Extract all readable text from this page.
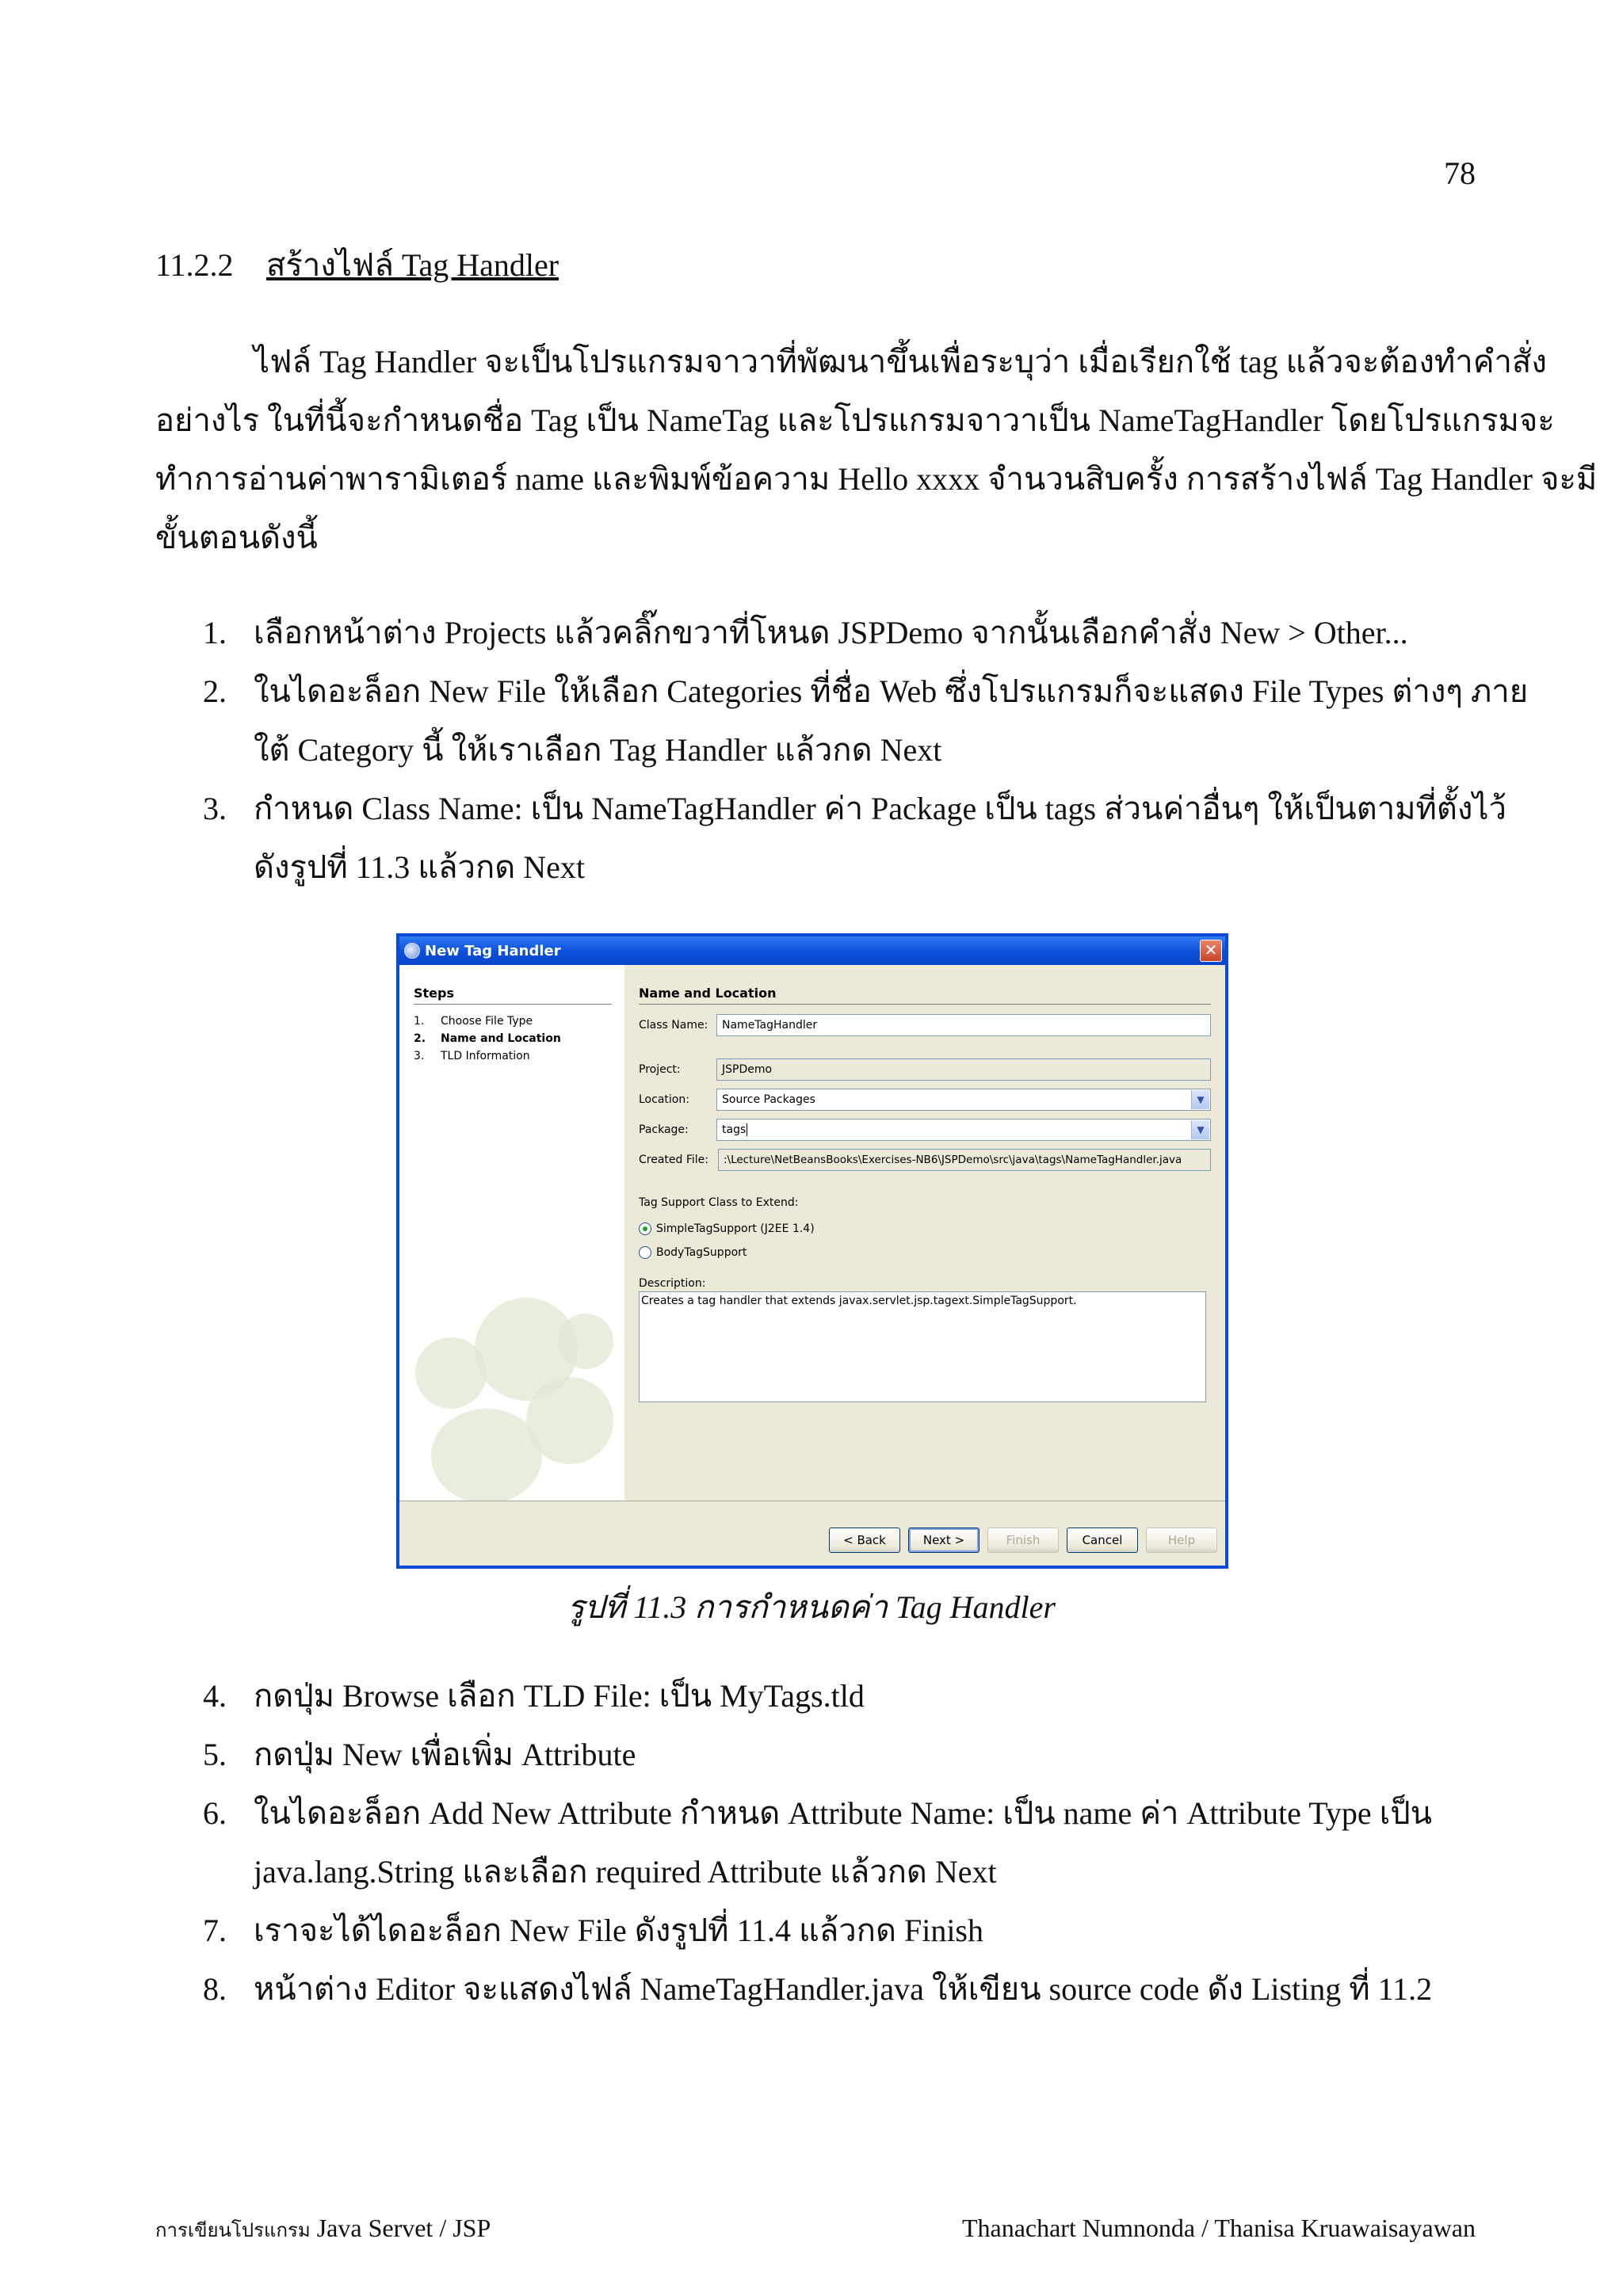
78
11.2.2 สร้างไฟล์ Tag Handler
ไฟล์ Tag Handler จะเป็นโปรแกรมจาวาที่พัฒนาขึ้นเพื่อระบุว่า เมื่อเรียกใช้ tag แล้วจะต้องทำคำสั่ง
อย่างไร ในที่นี้จะกำหนดชื่อ Tag เป็น NameTag และโปรแกรมจาวาเป็น NameTagHandler โดยโปรแกรมจะ
ทำการอ่านค่าพารามิเตอร์ name และพิมพ์ข้อความ Hello xxxx จำนวนสิบครั้ง การสร้างไฟล์ Tag Handler จะมี
ขั้นตอนดังนี้
1. เลือกหน้าต่าง Projects แล้วคลิ๊กขวาที่โหนด JSPDemo จากนั้นเลือกคำสั่ง New > Other...
2. ในไดอะล็อก New File ให้เลือก Categories ที่ชื่อ Web ซึ่งโปรแกรมก็จะแสดง File Types ต่างๆ ภาย
ใต้ Category นี้ ให้เราเลือก Tag Handler แล้วกด Next
3. กำหนด Class Name: เป็น NameTagHandler ค่า Package เป็น tags ส่วนค่าอื่นๆ ให้เป็นตามที่ตั้งไว้
ดังรูปที่ 11.3 แล้วกด Next
New Tag Handler	✕
Steps
1. Choose File Type
2. Name and Location
3. TLD Information
Name and Location
Class Name:	NameTagHandler
Project:	JSPDemo
Location:	Source Packages	▼
Package:	tags	▼
Created File:	:\Lecture\NetBeansBooks\Exercises-NB6\JSPDemo\src\java\tags\NameTagHandler.java
Tag Support Class to Extend:
SimpleTagSupport (J2EE 1.4)
BodyTagSupport
Description:
Creates a tag handler that extends javax.servlet.jsp.tagext.SimpleTagSupport.
< Back	Next >	Finish	Cancel	Help
รูปที่ 11.3 การกำหนดค่า Tag Handler
4. กดปุ่ม Browse เลือก TLD File: เป็น MyTags.tld
5. กดปุ่ม New เพื่อเพิ่ม Attribute
6. ในไดอะล็อก Add New Attribute กำหนด Attribute Name: เป็น name ค่า Attribute Type เป็น
java.lang.String และเลือก required Attribute แล้วกด Next
7. เราจะได้ไดอะล็อก New File ดังรูปที่ 11.4 แล้วกด Finish
8. หน้าต่าง Editor จะแสดงไฟล์ NameTagHandler.java ให้เขียน source code ดัง Listing ที่ 11.2
การเขียนโปรแกรม Java Servet / JSP	Thanachart Numnonda / Thanisa Kruawaisayawan
